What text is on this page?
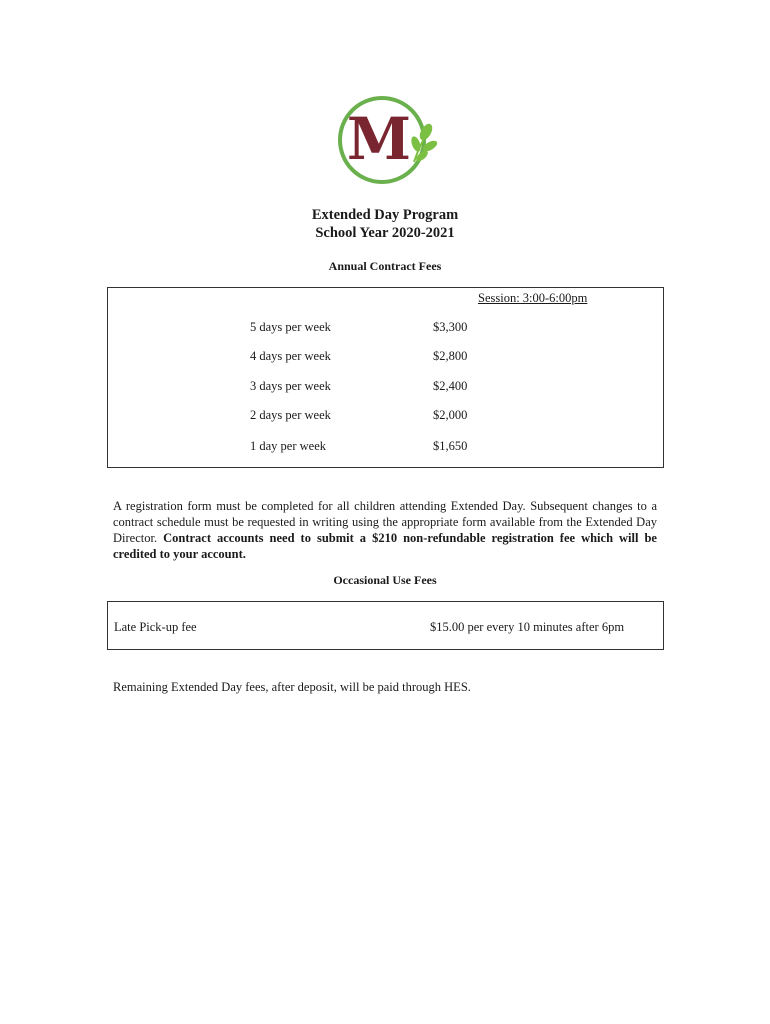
M
Extended Day Program
School Year 2020-2021
Annual Contract Fees
Session: 3:00-6:00pm
5 days per week	$3,300
4 days per week	$2,800
3 days per week	$2,400
2 days per week	$2,000
1 day per week	$1,650
A registration form must be completed for all children attending Extended Day. Subsequent changes to a contract schedule must be requested in writing using the appropriate form available from the Extended Day Director. Contract accounts need to submit a $210 non-refundable registration fee which will be credited to your account.
Occasional Use Fees
Late Pick-up fee	$15.00 per every 10 minutes after 6pm
Remaining Extended Day fees, after deposit, will be paid through HES.
